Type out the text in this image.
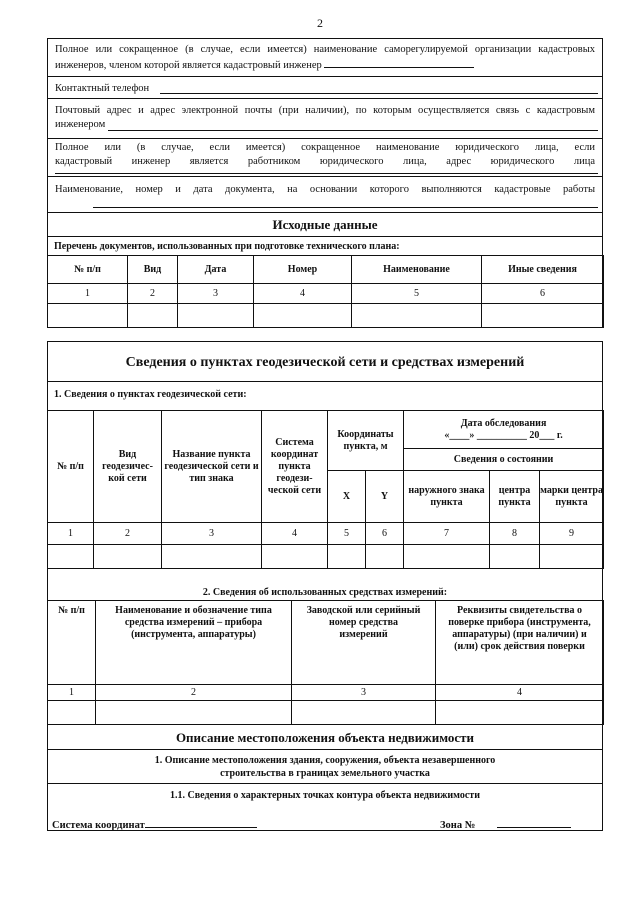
2
Полное или сокращенное (в случае, если имеется) наименование саморегулируемой организации кадастровых
инженеров, членом которой является кадастровый инженер
Контактный телефон
Почтовый адрес и адрес электронной почты (при наличии), по которым осуществляется связь с кадастровым
инженером
Полное или (в случае, если имеется) сокращенное наименование юридического лица, если
кадастровый инженер является работником юридического лица, адрес юридического лица
Наименование, номер и дата документа, на основании которого выполняются кадастровые работы
Исходные данные
Перечень документов, использованных при подготовке технического плана:
№ п/п	Вид	Дата	Номер	Наименование	Иные сведения
1	2	3	4	5	6

Сведения о пунктах геодезической сети и средствах измерений
1. Сведения о пунктах геодезической сети:
№ п/п	Вид геодезичес-кой сети	Название пункта геодезической сети и тип знака	Система координат пункта геодези-ческой сети	Координаты пункта, м		Дата обследования
«____» __________ 20___ г.		

						Сведения о состоянии		
				X	Y	наружного знака пункта	центра пункта	марки центра пункта
1	2	3	4	5	6	7	8	9

2. Сведения об использованных средствах измерений:
№ п/п	Наименование и обозначение типа средства измерений – прибора (инструмента, аппаратуры)	Заводской или серийный номер средства измерений	Реквизиты свидетельства о поверке прибора (инструмента, аппаратуры) (при наличии) и (или) срок действия поверки
1	2	3	4

Описание местоположения объекта недвижимости
1. Описание местоположения здания, сооружения, объекта незавершенного
строительства в границах земельного участка
1.1. Сведения о характерных точках контура объекта недвижимости
Система координат	Зона №
